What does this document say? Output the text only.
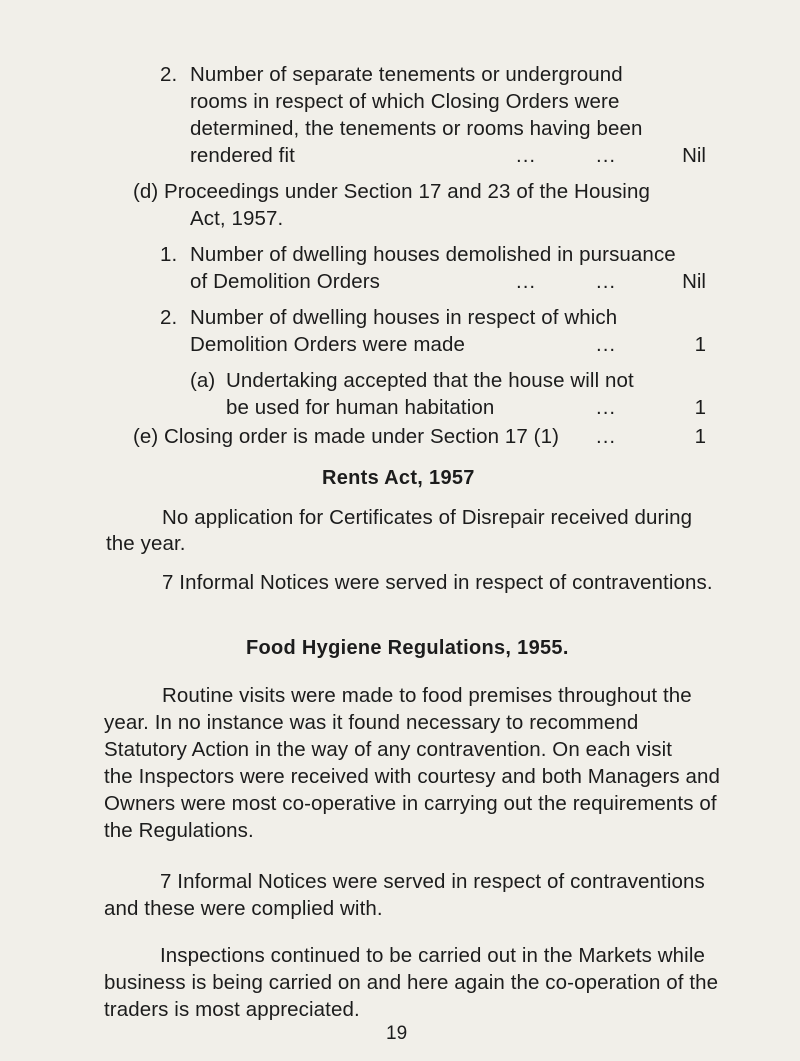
2. Number of separate tenements or underground
rooms in respect of which Closing Orders were
determined, the tenements or rooms having been
rendered fit	...	...	Nil
(d) Proceedings under Section 17 and 23 of the Housing
Act, 1957.
1. Number of dwelling houses demolished in pursuance
of Demolition Orders	...	...	Nil
2. Number of dwelling houses in respect of which
Demolition Orders were made	...	1
(a) Undertaking accepted that the house will not
be used for human habitation	...	1
(e) Closing order is made under Section 17 (1) ...	1
Rents Act, 1957
No application for Certificates of Disrepair received during
the year.
7 Informal Notices were served in respect of contraventions.
Food Hygiene Regulations, 1955.
Routine visits were made to food premises throughout the
year. In no instance was it found necessary to recommend
Statutory Action in the way of any contravention. On each visit
the Inspectors were received with courtesy and both Managers and
Owners were most co-operative in carrying out the requirements of
the Regulations.
7 Informal Notices were served in respect of contraventions
and these were complied with.
Inspections continued to be carried out in the Markets while
business is being carried on and here again the co-operation of the
traders is most appreciated.
19
